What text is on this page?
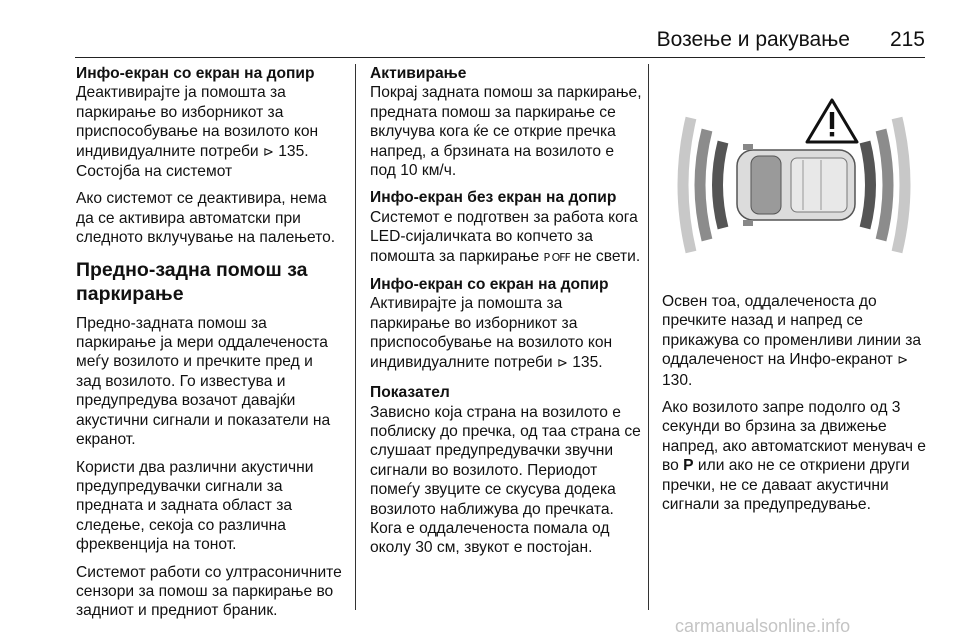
Возење и ракување 215
Инфо-екран со екран на допир

Деактивирајте ја помошта за паркирање во изборникот за приспособување на возилото кон индивидуалните потреби ⊳ 135.

Состојба на системот

Ако системот се деактивира, нема да се активира автоматски при следното вклучување на палењето.

Предно-задна помош за паркирање

Предно-задната помош за паркирање ја мери оддалеченоста меѓу возилото и пречките пред и зад возилото. Го известува и предупредува возачот давајќи акустични сигнали и показатели на екранот.

Користи два различни акустични предупредувачки сигнали за предната и задната област за следење, секоја со различна фреквенција на тонот.

Системот работи со ултрасоничните сензори за помош за паркирање во задниот и предниот браник.

Активирање

Покрај задната помош за паркирање, предната помош за паркирање се вклучува кога ќе се открие пречка напред, а брзината на возилото е под 10 км/ч.

Инфо-екран без екран на допир

Системот е подготвен за работа кога LED-сијаличката во копчето за помошта за паркирање P OFF не свети.

Инфо-екран со екран на допир

Активирајте ја помошта за паркирање во изборникот за приспособување на возилото кон индивидуалните потреби ⊳ 135.

Показател

Зависно која страна на возилото е поблиску до пречка, од таа страна се слушаат предупредувачки звучни сигнали во возилото. Периодот помеѓу звуците се скусува додека возилото наближува до пречката. Кога е оддалеченоста помала од околу 30 см, звукот е постојан.

Освен тоа, оддалеченоста до пречките назад и напред се прикажува со променливи линии за оддалеченост на Инфо-екранот ⊳ 130.

Ако возилото запре подолго од 3 секунди во брзина за движење напред, ако автоматскиот менувач е во P или ако не се откриени други пречки, не се даваат акустични сигнали за предупредување.

carmanualsonline.info
